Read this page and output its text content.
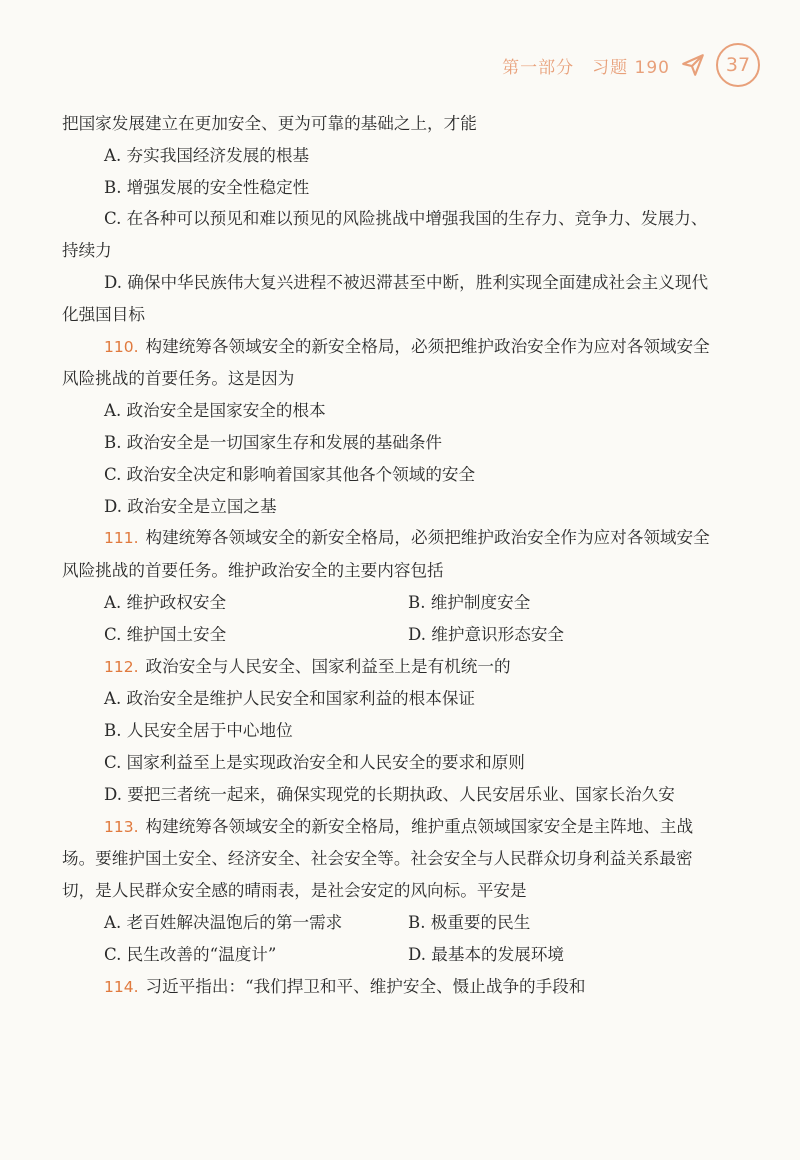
第一部分　习题 190	37

把国家发展建立在更加安全、更为可靠的基础之上，才能

A. 夯实我国经济发展的根基

B. 增强发展的安全性稳定性

C. 在各种可以预见和难以预见的风险挑战中增强我国的生存力、竞争力、发展力、持续力

D. 确保中华民族伟大复兴进程不被迟滞甚至中断，胜利实现全面建成社会主义现代化强国目标

110. 构建统筹各领域安全的新安全格局，必须把维护政治安全作为应对各领域安全风险挑战的首要任务。这是因为

A. 政治安全是国家安全的根本

B. 政治安全是一切国家生存和发展的基础条件

C. 政治安全决定和影响着国家其他各个领域的安全

D. 政治安全是立国之基

111. 构建统筹各领域安全的新安全格局，必须把维护政治安全作为应对各领域安全风险挑战的首要任务。维护政治安全的主要内容包括

A. 维护政权安全	B. 维护制度安全
C. 维护国土安全	D. 维护意识形态安全

112. 政治安全与人民安全、国家利益至上是有机统一的

A. 政治安全是维护人民安全和国家利益的根本保证

B. 人民安全居于中心地位

C. 国家利益至上是实现政治安全和人民安全的要求和原则

D. 要把三者统一起来，确保实现党的长期执政、人民安居乐业、国家长治久安

113. 构建统筹各领域安全的新安全格局，维护重点领域国家安全是主阵地、主战场。要维护国土安全、经济安全、社会安全等。社会安全与人民群众切身利益关系最密切，是人民群众安全感的晴雨表，是社会安定的风向标。平安是

A. 老百姓解决温饱后的第一需求	B. 极重要的民生
C. 民生改善的“温度计”	D. 最基本的发展环境

114. 习近平指出：“我们捍卫和平、维护安全、慑止战争的手段和
